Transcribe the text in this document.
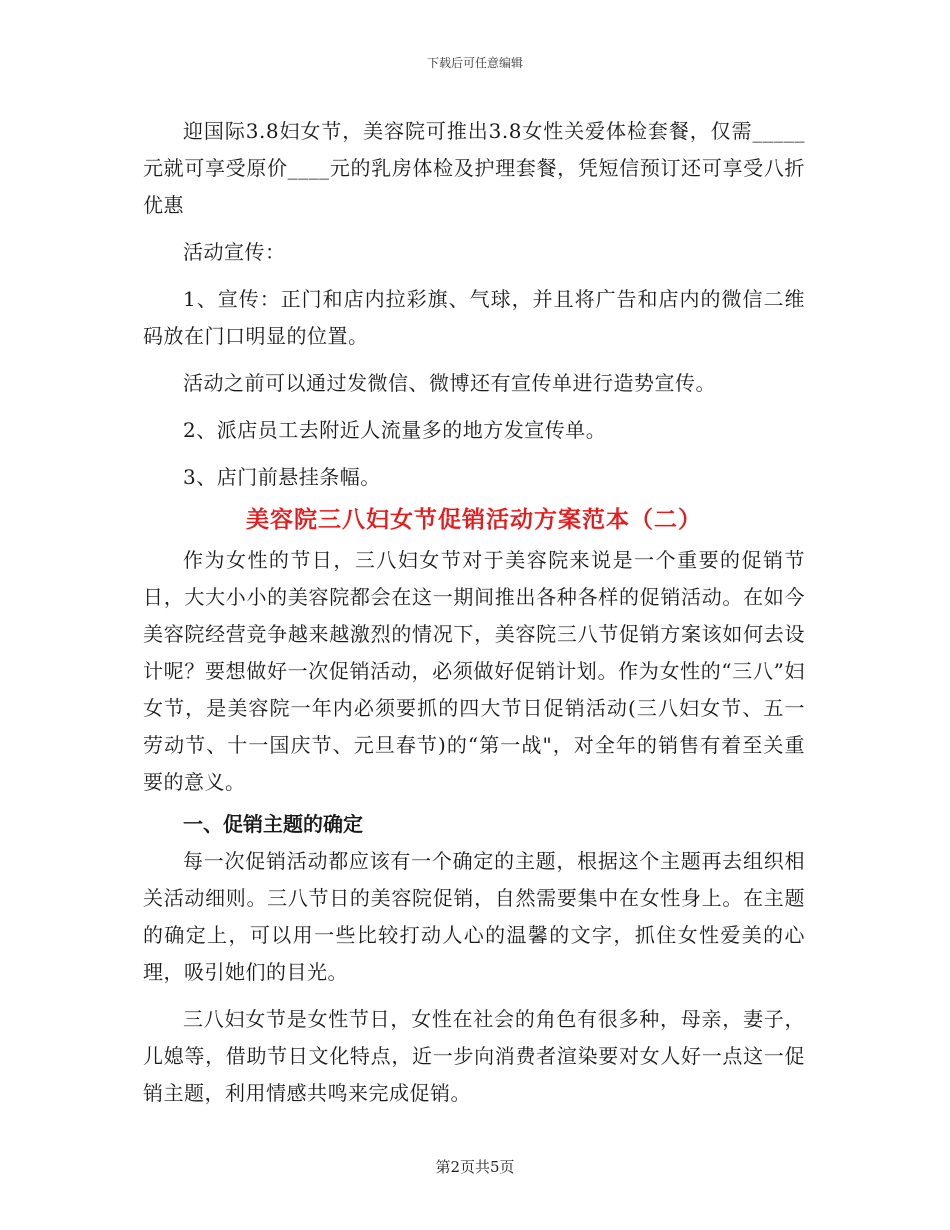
下载后可任意编辑

迎国际3.8妇女节，美容院可推出3.8女性关爱体检套餐，仅需_____元就可享受原价____元的乳房体检及护理套餐，凭短信预订还可享受八折优惠

活动宣传：

1、宣传：正门和店内拉彩旗、气球，并且将广告和店内的微信二维码放在门口明显的位置。

活动之前可以通过发微信、微博还有宣传单进行造势宣传。

2、派店员工去附近人流量多的地方发宣传单。

3、店门前悬挂条幅。

美容院三八妇女节促销活动方案范本（二）

作为女性的节日，三八妇女节对于美容院来说是一个重要的促销节日，大大小小的美容院都会在这一期间推出各种各样的促销活动。在如今美容院经营竞争越来越激烈的情况下，美容院三八节促销方案该如何去设计呢？要想做好一次促销活动，必须做好促销计划。作为女性的“三八”妇女节，是美容院一年内必须要抓的四大节日促销活动(三八妇女节、五一劳动节、十一国庆节、元旦春节)的“第一战"，对全年的销售有着至关重要的意义。

一、促销主题的确定

每一次促销活动都应该有一个确定的主题，根据这个主题再去组织相关活动细则。三八节日的美容院促销，自然需要集中在女性身上。在主题的确定上，可以用一些比较打动人心的温馨的文字，抓住女性爱美的心理，吸引她们的目光。

三八妇女节是女性节日，女性在社会的角色有很多种，母亲，妻子，儿媳等，借助节日文化特点，近一步向消费者渲染要对女人好一点这一促销主题，利用情感共鸣来完成促销。

第2页共5页
